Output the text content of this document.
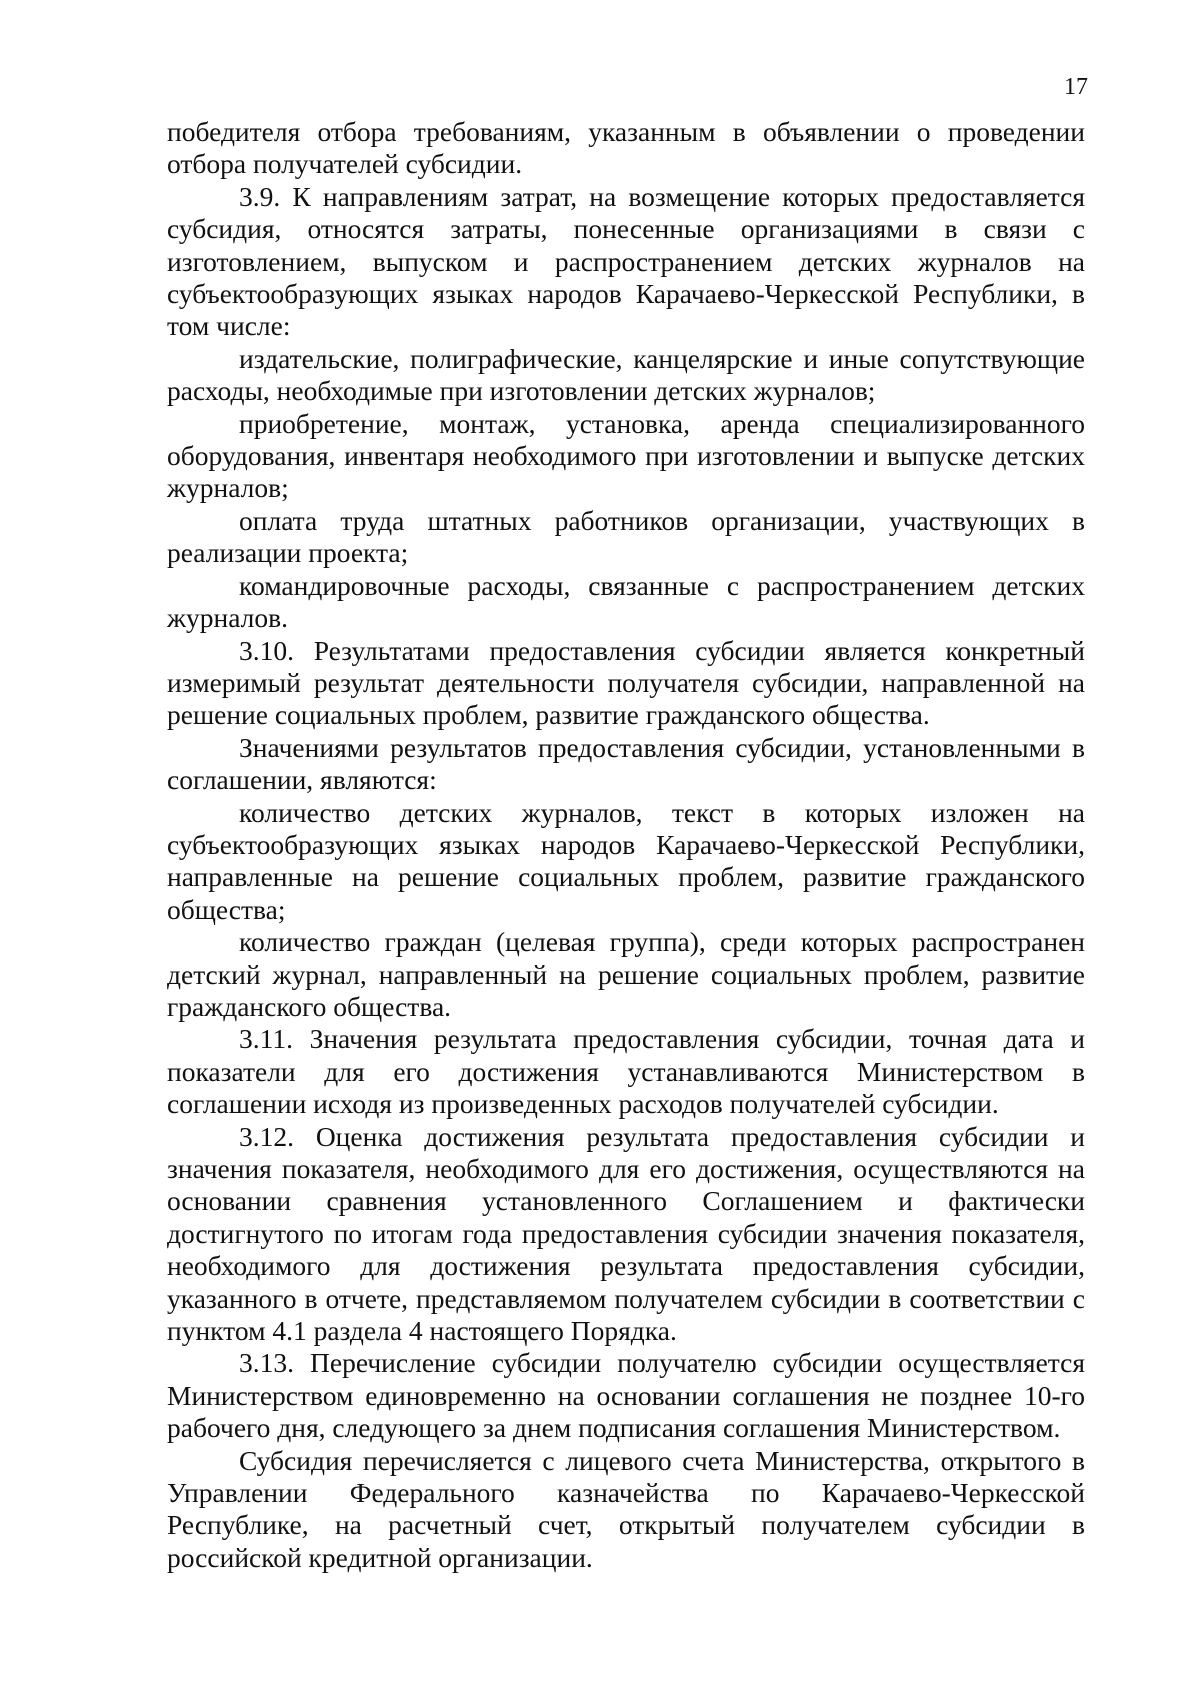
17

победителя отбора требованиям, указанным в объявлении о проведении отбора получателей субсидии.

3.9. К направлениям затрат, на возмещение которых предоставляется субсидия, относятся затраты, понесенные организациями в связи с изготовлением, выпуском и распространением детских журналов на субъектообразующих языках народов Карачаево-Черкесской Республики, в том числе:

издательские, полиграфические, канцелярские и иные сопутствующие расходы, необходимые при изготовлении детских журналов;

приобретение, монтаж, установка, аренда специализированного оборудования, инвентаря необходимого при изготовлении и выпуске детских журналов;

оплата труда штатных работников организации, участвующих в реализации проекта;

командировочные расходы, связанные с распространением детских журналов.

3.10. Результатами предоставления субсидии является конкретный измеримый результат деятельности получателя субсидии, направленной на решение социальных проблем, развитие гражданского общества.

Значениями результатов предоставления субсидии, установленными в соглашении, являются:

количество детских журналов, текст в которых изложен на субъектообразующих языках народов Карачаево-Черкесской Республики, направленные на решение социальных проблем, развитие гражданского общества;

количество граждан (целевая группа), среди которых распространен детский журнал, направленный на решение социальных проблем, развитие гражданского общества.

3.11. Значения результата предоставления субсидии, точная дата и показатели для его достижения устанавливаются Министерством в соглашении исходя из произведенных расходов получателей субсидии.

3.12. Оценка достижения результата предоставления субсидии и значения показателя, необходимого для его достижения, осуществляются на основании сравнения установленного Соглашением и фактически достигнутого по итогам года предоставления субсидии значения показателя, необходимого для достижения результата предоставления субсидии, указанного в отчете, представляемом получателем субсидии в соответствии с пунктом 4.1 раздела 4 настоящего Порядка.

3.13. Перечисление субсидии получателю субсидии осуществляется Министерством единовременно на основании соглашения не позднее 10-го рабочего дня, следующего за днем подписания соглашения Министерством.

Субсидия перечисляется с лицевого счета Министерства, открытого в Управлении Федерального казначейства по Карачаево-Черкесской Республике, на расчетный счет, открытый получателем субсидии в российской кредитной организации.
